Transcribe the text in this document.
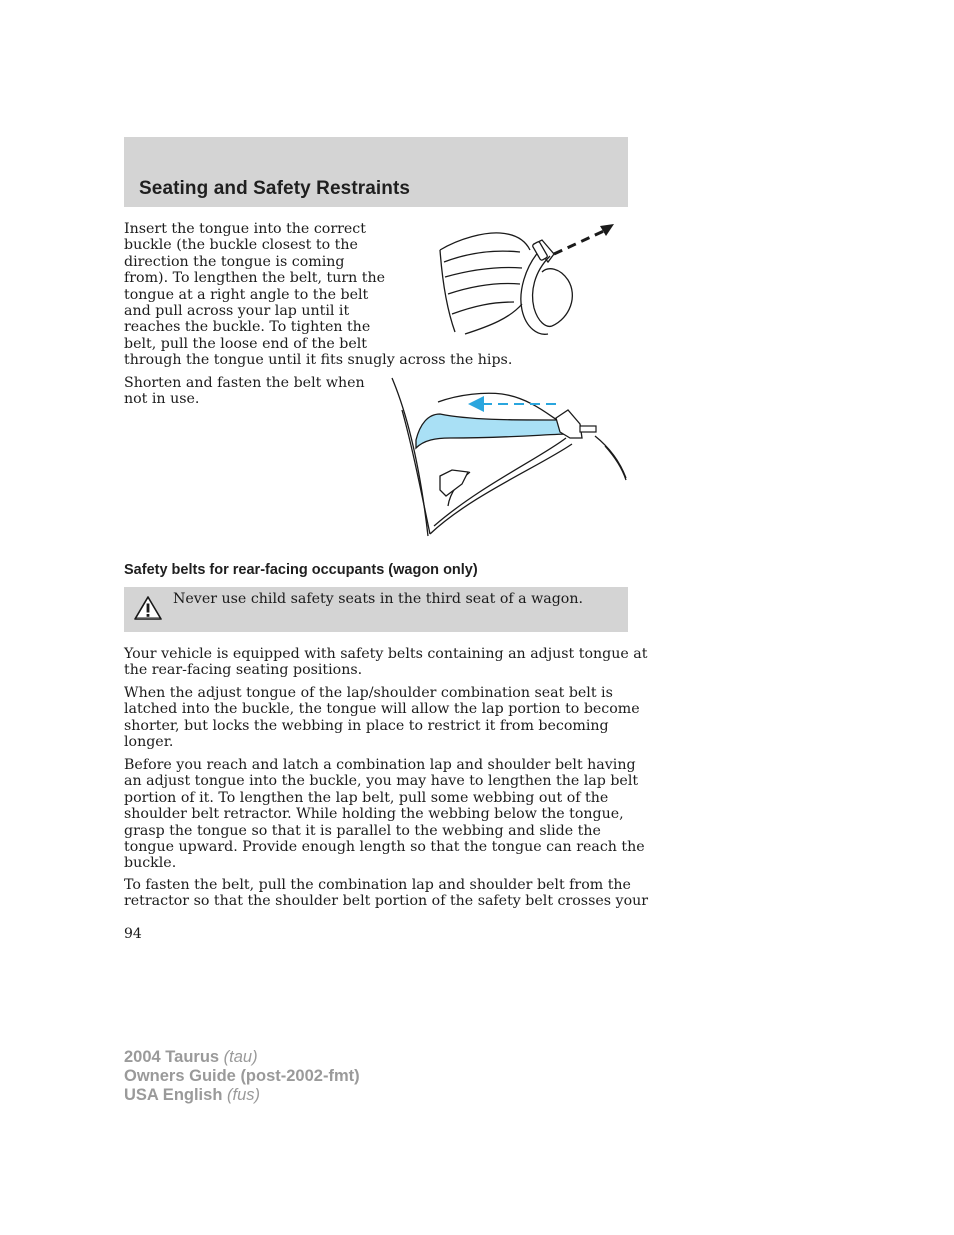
Seating and Safety Restraints
Insert the tongue into the correct
buckle (the buckle closest to the
direction the tongue is coming
from). To lengthen the belt, turn the
tongue at a right angle to the belt
and pull across your lap until it
reaches the buckle. To tighten the
belt, pull the loose end of the belt
through the tongue until it fits snugly across the hips.
Shorten and fasten the belt when
not in use.
Safety belts for rear-facing occupants (wagon only)

Never use child safety seats in the third seat of a wagon.

Your vehicle is equipped with safety belts containing an adjust tongue at
the rear-facing seating positions.
When the adjust tongue of the lap/shoulder combination seat belt is
latched into the buckle, the tongue will allow the lap portion to become
shorter, but locks the webbing in place to restrict it from becoming
longer.
Before you reach and latch a combination lap and shoulder belt having
an adjust tongue into the buckle, you may have to lengthen the lap belt
portion of it. To lengthen the lap belt, pull some webbing out of the
shoulder belt retractor. While holding the webbing below the tongue,
grasp the tongue so that it is parallel to the webbing and slide the
tongue upward. Provide enough length so that the tongue can reach the
buckle.
To fasten the belt, pull the combination lap and shoulder belt from the
retractor so that the shoulder belt portion of the safety belt crosses your
94
2004 Taurus (tau)
Owners Guide (post-2002-fmt)
USA English (fus)
